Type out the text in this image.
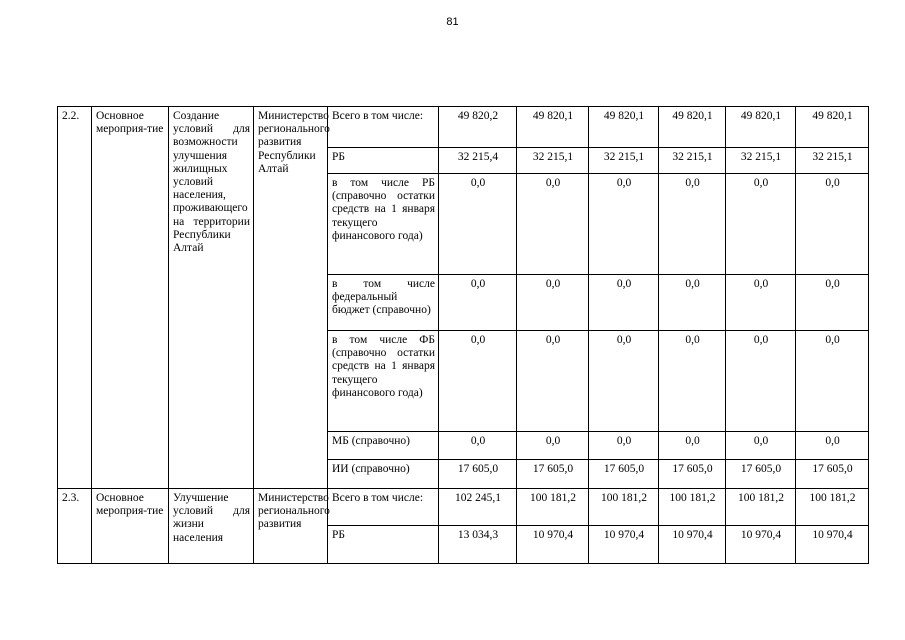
81
2.2.	Основное мероприя-тие	Создание условий для возможности улучшения жилищных условий населения, проживающего на территории Республики Алтай	Министерство регионального развития Республики Алтай	Всего в том числе:	49 820,2	49 820,1	49 820,1	49 820,1	49 820,1	49 820,1
				РБ	32 215,4	32 215,1	32 215,1	32 215,1	32 215,1	32 215,1
				в том числе РБ (справочно остатки средств на 1 января текущего финансового года)	0,0	0,0	0,0	0,0	0,0	0,0
				в том числе федеральный бюджет (справочно)	0,0	0,0	0,0	0,0	0,0	0,0
				в том числе ФБ (справочно остатки средств на 1 января текущего финансового года)	0,0	0,0	0,0	0,0	0,0	0,0
				МБ (справочно)	0,0	0,0	0,0	0,0	0,0	0,0
				ИИ (справочно)	17 605,0	17 605,0	17 605,0	17 605,0	17 605,0	17 605,0
2.3.	Основное мероприя-тие	Улучшение условий для жизни населения	Министерство регионального развития	Всего в том числе:	102 245,1	100 181,2	100 181,2	100 181,2	100 181,2	100 181,2
				РБ	13 034,3	10 970,4	10 970,4	10 970,4	10 970,4	10 970,4
